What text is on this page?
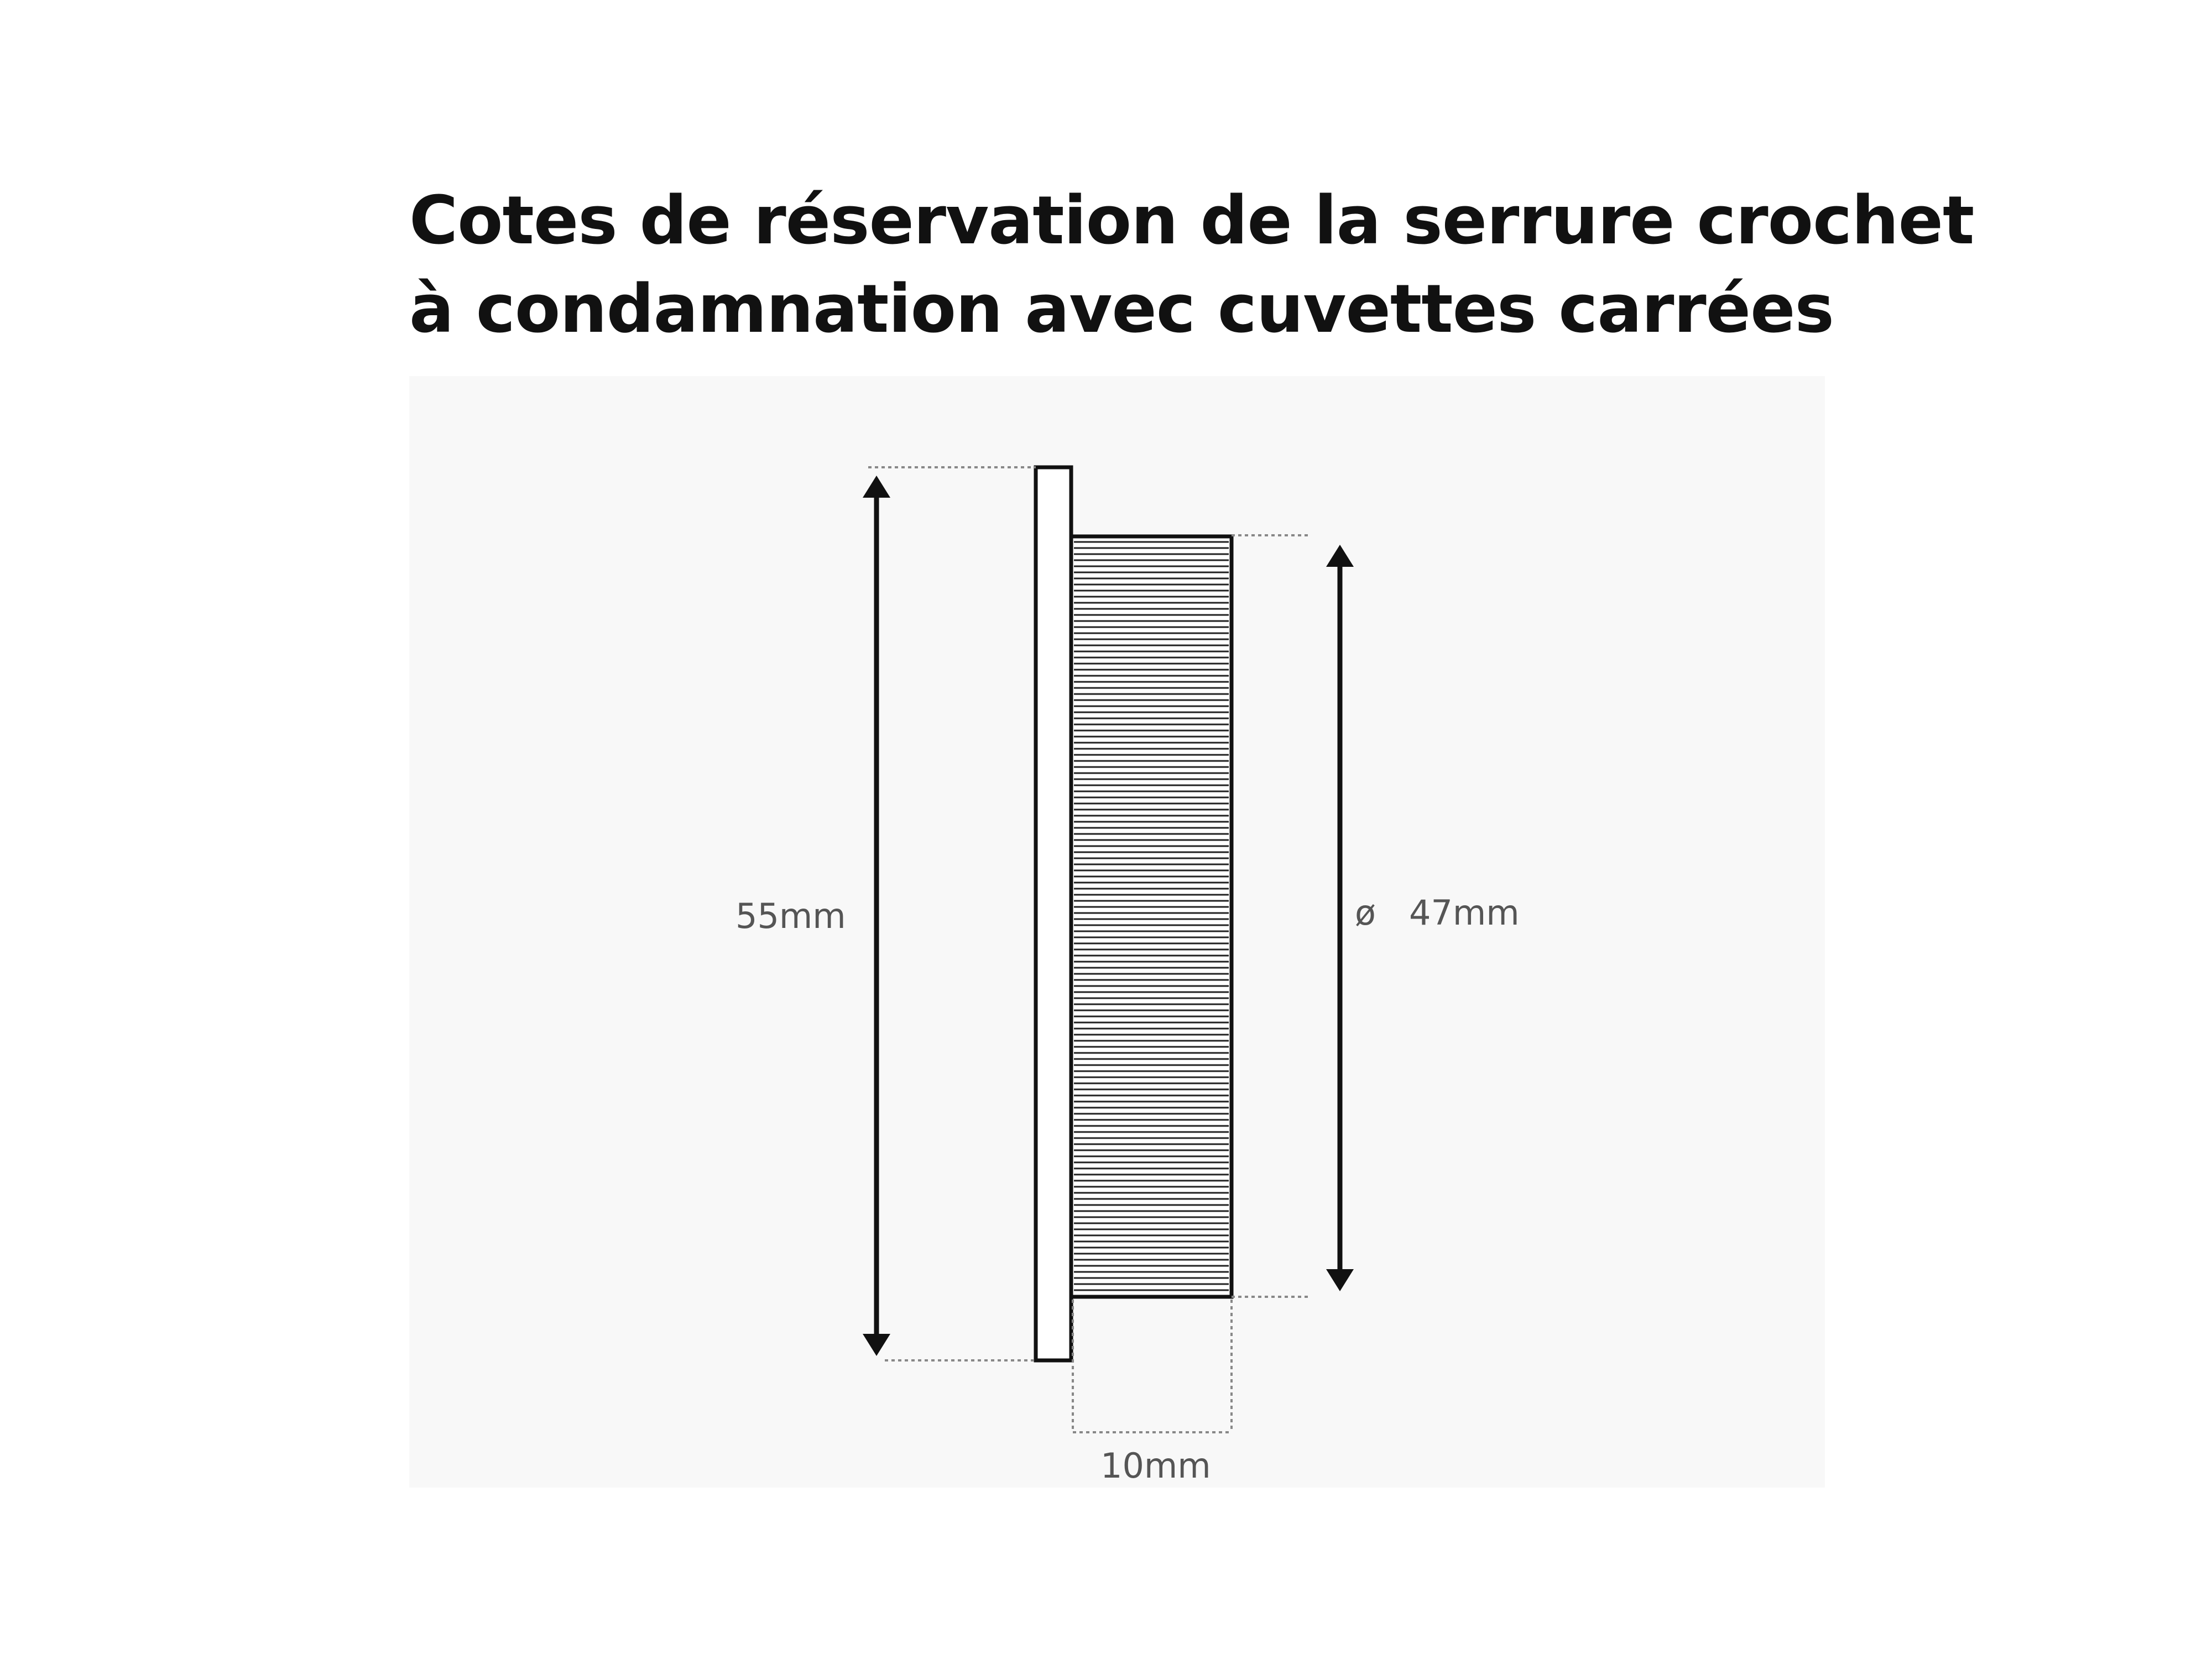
Cotes de réservation de la serrure crochet
à condamnation avec cuvettes carrées
55mm	ø 47mm
10mm
